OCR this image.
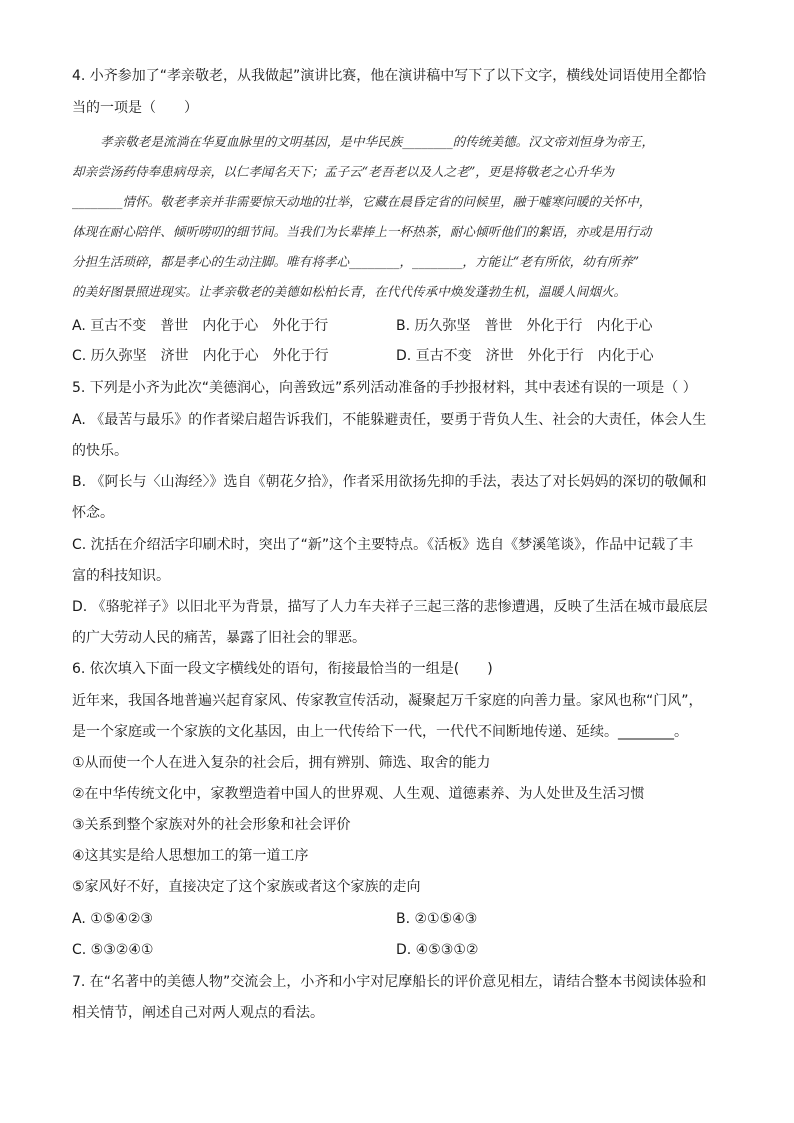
4. 小齐参加了“孝亲敬老，从我做起”演讲比赛，他在演讲稿中写下了以下文字，横线处词语使用全都恰
当的一项是（　　）
孝亲敬老是流淌在华夏血脉里的文明基因，是中华民族________的传统美德。汉文帝刘恒身为帝王，
却亲尝汤药侍奉患病母亲，以仁孝闻名天下；孟子云“老吾老以及人之老”，更是将敬老之心升华为
________情怀。敬老孝亲并非需要惊天动地的壮举，它藏在晨昏定省的问候里，融于嘘寒问暖的关怀中，
体现在耐心陪伴、倾听唠叨的细节间。当我们为长辈捧上一杯热茶，耐心倾听他们的絮语，亦或是用行动
分担生活琐碎，都是孝心的生动注脚。唯有将孝心________，________，方能让“老有所依，幼有所养”
的美好图景照进现实。让孝亲敬老的美德如松柏长青，在代代传承中焕发蓬勃生机，温暖人间烟火。
A. 亘古不变　普世　内化于心　外化于行	B. 历久弥坚　普世　外化于行　内化于心
C. 历久弥坚　济世　内化于心　外化于行	D. 亘古不变　济世　外化于行　内化于心
5. 下列是小齐为此次“美德润心，向善致远”系列活动准备的手抄报材料，其中表述有误的一项是（ ）
A. 《最苦与最乐》的作者梁启超告诉我们，不能躲避责任，要勇于背负人生、社会的大责任，体会人生
的快乐。
B. 《阿长与〈山海经〉》选自《朝花夕拾》，作者采用欲扬先抑的手法，表达了对长妈妈的深切的敬佩和
怀念。
C. 沈括在介绍活字印刷术时，突出了“新”这个主要特点。《活板》选自《梦溪笔谈》，作品中记载了丰
富的科技知识。
D. 《骆驼祥子》以旧北平为背景，描写了人力车夫祥子三起三落的悲惨遭遇，反映了生活在城市最底层
的广大劳动人民的痛苦，暴露了旧社会的罪恶。
6. 依次填入下面一段文字横线处的语句，衔接最恰当的一组是(　　)
近年来，我国各地普遍兴起育家风、传家教宣传活动，凝聚起万千家庭的向善力量。家风也称“门风”，
是一个家庭或一个家族的文化基因，由上一代传给下一代，一代代不间断地传递、延续。________。
①从而使一个人在进入复杂的社会后，拥有辨别、筛选、取舍的能力
②在中华传统文化中，家教塑造着中国人的世界观、人生观、道德素养、为人处世及生活习惯
③关系到整个家族对外的社会形象和社会评价
④这其实是给人思想加工的第一道工序
⑤家风好不好，直接决定了这个家族或者这个家族的走向
A. ①⑤④②③	B. ②①⑤④③
C. ⑤③②④①	D. ④⑤③①②
7. 在“名著中的美德人物”交流会上，小齐和小宇对尼摩船长的评价意见相左，请结合整本书阅读体验和
相关情节，阐述自己对两人观点的看法。
